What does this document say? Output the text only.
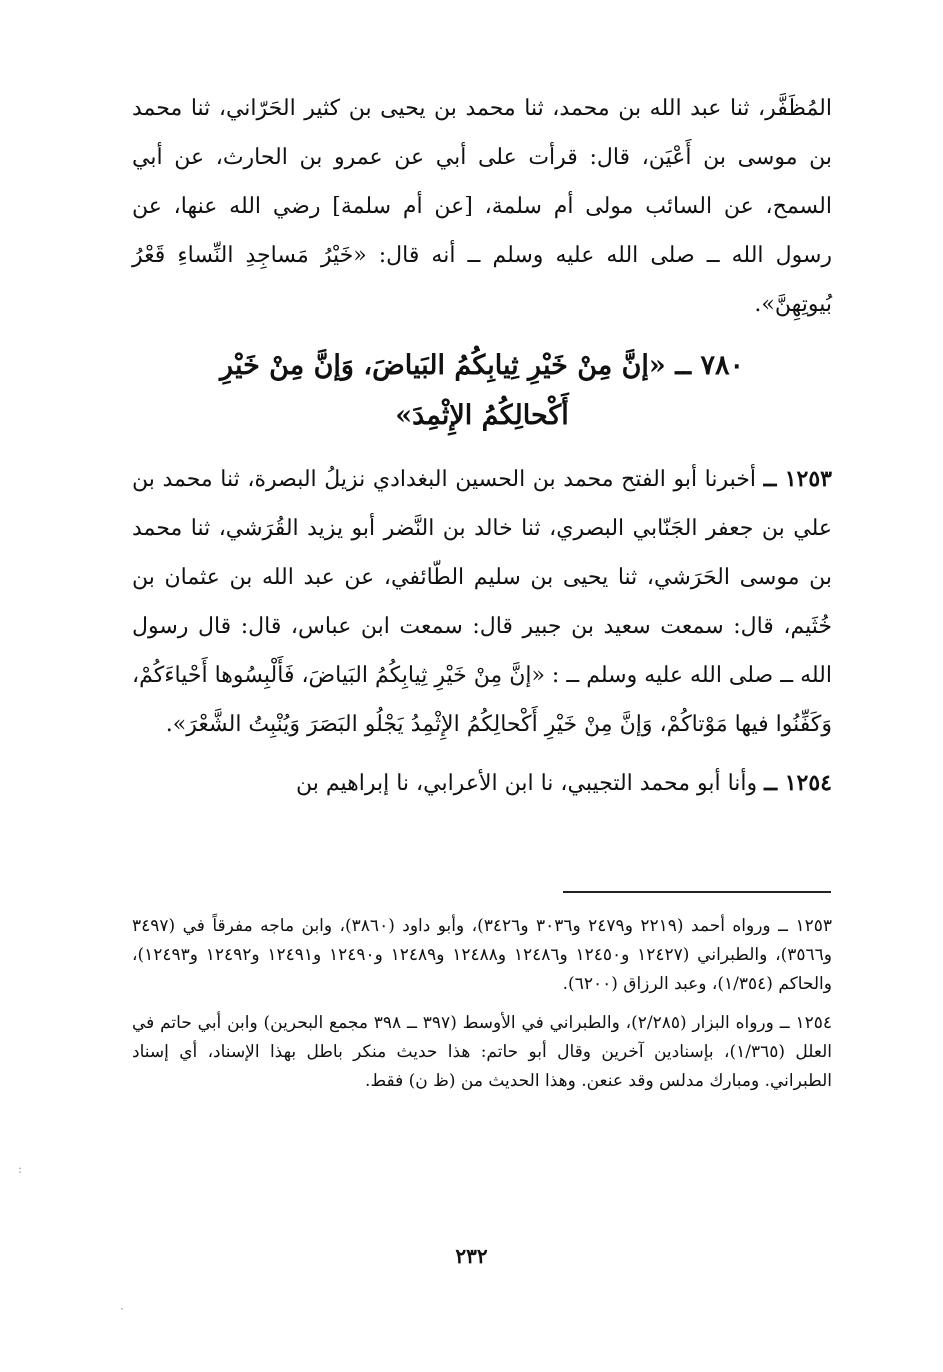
المُظَفَّر، ثنا عبد الله بن محمد، ثنا محمد بن يحيى بن كثير الحَرّاني، ثنا محمد بن موسى بن أَعْيَن، قال: قرأت على أبي عن عمرو بن الحارث، عن أبي السمح، عن السائب مولى أم سلمة، [عن أم سلمة] رضي الله عنها، عن رسول الله ــ صلى الله عليه وسلم ــ أنه قال: «خَيْرُ مَساجِدِ النِّساءِ قَعْرُ بُيوتِهِنَّ».

٧٨٠ ــ «إنَّ مِنْ خَيْرِ ثِيابِكُمُ البَياضَ، وَإنَّ مِنْ خَيْرِ أَكْحالِكُمُ الإِثْمِدَ»

١٢٥٣ ــ أخبرنا أبو الفتح محمد بن الحسين البغدادي نزيلُ البصرة، ثنا محمد بن علي بن جعفر الجَنّابي البصري، ثنا خالد بن النَّضر أبو يزيد القُرَشي، ثنا محمد بن موسى الحَرَشي، ثنا يحيى بن سليم الطّائفي، عن عبد الله بن عثمان بن خُثَيم، قال: سمعت سعيد بن جبير قال: سمعت ابن عباس، قال: قال رسول الله ــ صلى الله عليه وسلم ــ : «إنَّ مِنْ خَيْرِ ثِيابِكُمُ البَياضَ، فَأَلْبِسُوها أَحْياءَكُمْ، وَكَفِّنُوا فيها مَوْتاكُمْ، وَإنَّ مِنْ خَيْرِ أَكْحالِكُمُ الإِثْمِدُ يَجْلُو البَصَرَ وَيُنْبِتُ الشَّعْرَ».

١٢٥٤ ــ وأنا أبو محمد التجيبي، نا ابن الأعرابي، نا إبراهيم بن

١٢٥٣ ــ ورواه أحمد (٢٢١٩ و٢٤٧٩ و٣٠٣٦ و٣٤٢٦)، وأبو داود (٣٨٦٠)، وابن ماجه مفرقاً في (٣٤٩٧ و٣٥٦٦)، والطبراني (١٢٤٢٧ و١٢٤٥٠ و١٢٤٨٦ و١٢٤٨٨ و١٢٤٨٩ و١٢٤٩٠ و١٢٤٩١ و١٢٤٩٢ و١٢٤٩٣)، والحاكم (١/٣٥٤)، وعبد الرزاق (٦٢٠٠).

١٢٥٤ ــ ورواه البزار (٢/٢٨٥)، والطبراني في الأوسط (٣٩٧ ــ ٣٩٨ مجمع البحرين) وابن أبي حاتم في العلل (١/٣٦٥)، بإسنادين آخرين وقال أبو حاتم: هذا حديث منكر باطل بهذا الإسناد، أي إسناد الطبراني. ومبارك مدلس وقد عنعن. وهذا الحديث من (ظ ن) فقط.

٢٣٢
:
·
